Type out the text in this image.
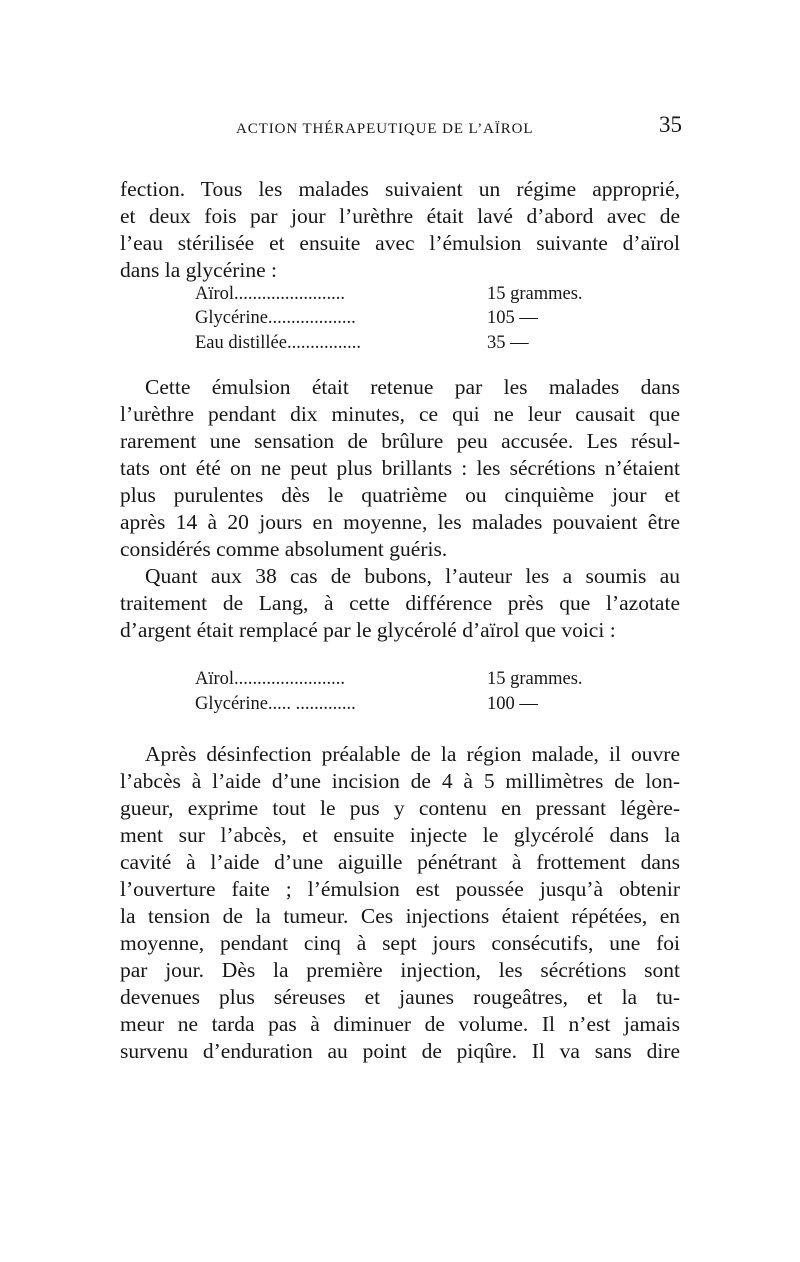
ACTION THÉRAPEUTIQUE DE L’AÏROL	35
fection. Tous les malades suivaient un régime approprié,
et deux fois par jour l’urèthre était lavé d’abord avec de
l’eau stérilisée et ensuite avec l’émulsion suivante d’aïrol
dans la glycérine :
Aïrol........................	15 grammes.
Glycérine...................	105 —
Eau distillée................	35 —
Cette émulsion était retenue par les malades dans
l’urèthre pendant dix minutes, ce qui ne leur causait que
rarement une sensation de brûlure peu accusée. Les résul-
tats ont été on ne peut plus brillants : les sécrétions n’étaient
plus purulentes dès le quatrième ou cinquième jour et
après 14 à 20 jours en moyenne, les malades pouvaient être
considérés comme absolument guéris.
Quant aux 38 cas de bubons, l’auteur les a soumis au
traitement de Lang, à cette différence près que l’azotate
d’argent était remplacé par le glycérolé d’aïrol que voici :
Aïrol........................	15 grammes.
Glycérine..... .............	100 —
Après désinfection préalable de la région malade, il ouvre
l’abcès à l’aide d’une incision de 4 à 5 millimètres de lon-
gueur, exprime tout le pus y contenu en pressant légère-
ment sur l’abcès, et ensuite injecte le glycérolé dans la
cavité à l’aide d’une aiguille pénétrant à frottement dans
l’ouverture faite ; l’émulsion est poussée jusqu’à obtenir
la tension de la tumeur. Ces injections étaient répétées, en
moyenne, pendant cinq à sept jours consécutifs, une foi
par jour. Dès la première injection, les sécrétions sont
devenues plus séreuses et jaunes rougeâtres, et la tu-
meur ne tarda pas à diminuer de volume. Il n’est jamais
survenu d’enduration au point de piqûre. Il va sans dire
